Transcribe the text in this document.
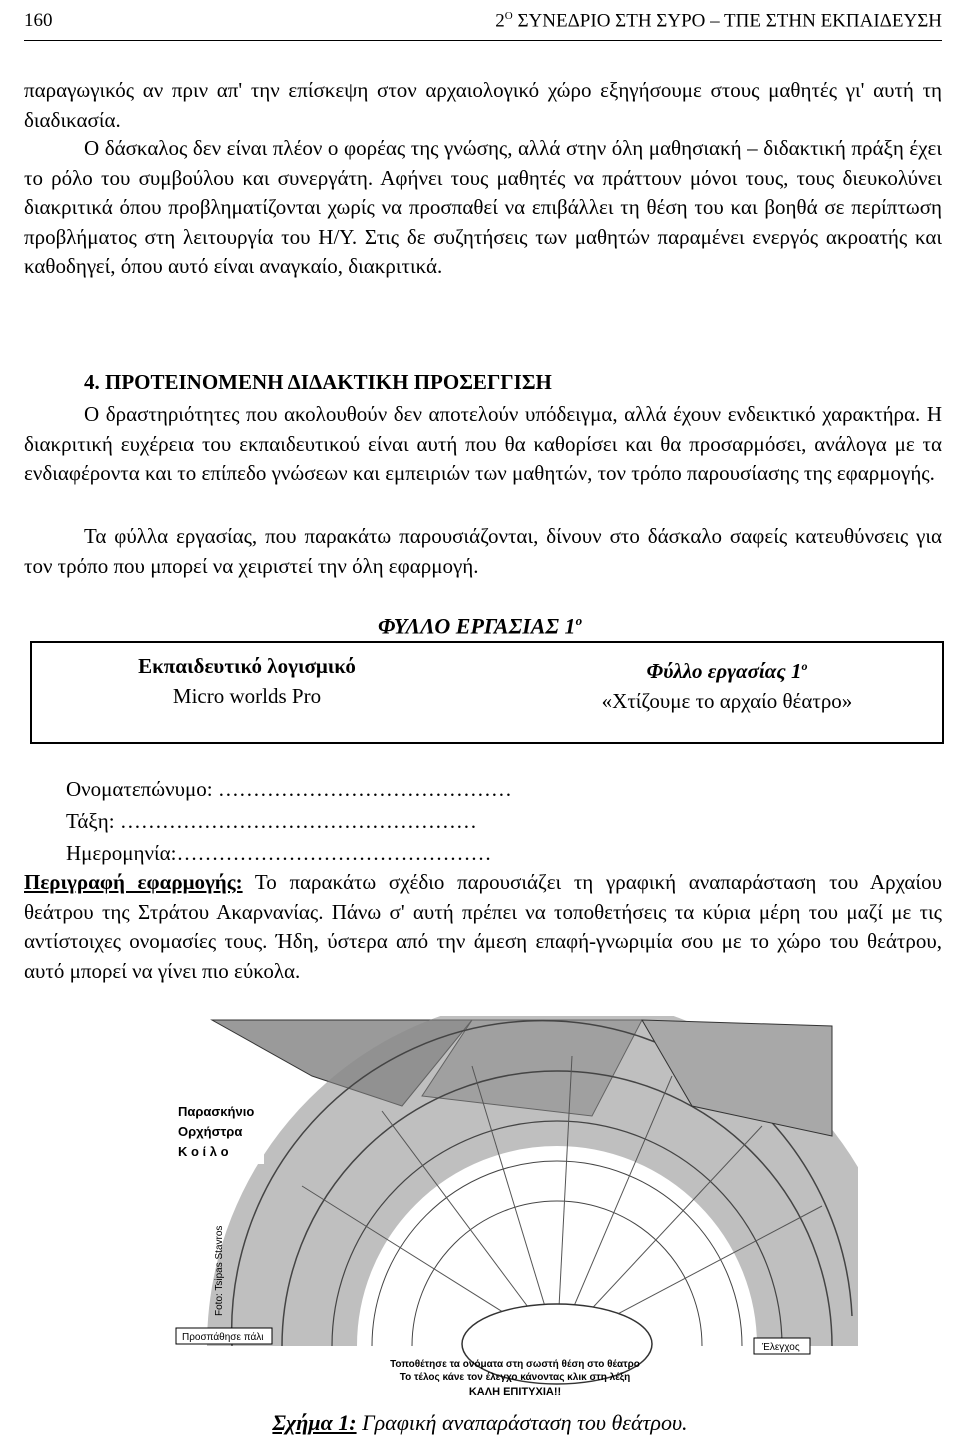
160	$2^O$ ΣΥΝΕΔΡΙΟ ΣΤΗ ΣΥΡΟ – ΤΠΕ ΣΤΗΝ ΕΚΠΑΙΔΕΥΣΗ
παραγωγικός αν πριν απ' την επίσκεψη στον αρχαιολογικό χώρο εξηγήσουμε στους μαθητές γι' αυτή τη διαδικασία.
Ο δάσκαλος δεν είναι πλέον ο φορέας της γνώσης, αλλά στην όλη μαθησιακή – διδακτική πράξη έχει το ρόλο του συμβούλου και συνεργάτη. Αφήνει τους μαθητές να πράττουν μόνοι τους, τους διευκολύνει διακριτικά όπου προβληματίζονται χωρίς να προσπαθεί να επιβάλλει τη θέση του και βοηθά σε περίπτωση προβλήματος στη λειτουργία του Η/Υ. Στις δε συζητήσεις των μαθητών παραμένει ενεργός ακροατής και καθοδηγεί, όπου αυτό είναι αναγκαίο, διακριτικά.
4. ΠΡΟΤΕΙΝΟΜΕΝΗ ΔΙΔΑΚΤΙΚΗ ΠΡΟΣΕΓΓΙΣΗ
Ο δραστηριότητες που ακολουθούν δεν αποτελούν υπόδειγμα, αλλά έχουν ενδεικτικό χαρακτήρα. Η διακριτική ευχέρεια του εκπαιδευτικού είναι αυτή που θα καθορίσει και θα προσαρμόσει, ανάλογα με τα ενδιαφέροντα και το επίπεδο γνώσεων και εμπειριών των μαθητών, τον τρόπο παρουσίασης της εφαρμογής.
Τα φύλλα εργασίας, που παρακάτω παρουσιάζονται, δίνουν στο δάσκαλο σαφείς κατευθύνσεις για τον τρόπο που μπορεί να χειριστεί την όλη εφαρμογή.
ΦΥΛΛΟ ΕΡΓΑΣΙΑΣ $1^o$
Εκπαιδευτικό λογισμικό
Micro worlds Pro
Φύλλο εργασίας $1^o$
«Χτίζουμε το αρχαίο θέατρο»
Ονοματεπώνυμο: ……………………………………
Τάξη: ……………………………………………
Ημερομηνία:………………………………………
Περιγραφή εφαρμογής: Το παρακάτω σχέδιο παρουσιάζει τη γραφική αναπαράσταση του Αρχαίου θεάτρου της Στράτου Ακαρνανίας. Πάνω σ' αυτή πρέπει να τοποθετήσεις τα κύρια μέρη του μαζί με τις αντίστοιχες ονομασίες τους. Ήδη, ύστερα από την άμεση επαφή-γνωριμία σου με το χώρο του θεάτρου, αυτό μπορεί να γίνει πιο εύκολα.
Παρασκήνιο
Ορχήστρα
Κ ο ί λ ο
Foto: Tsipas Stavros
Προσπάθησε πάλι
Έλεγχος
Τοποθέτησε τα ονόματα στη σωστή θέση στο θέατρο
Το τέλος κάνε τον έλεγχο κάνοντας κλικ στη λέξη
ΚΑΛΗ ΕΠΙΤΥΧΙΑ!!
Σχήμα 1: Γραφική αναπαράσταση του θεάτρου.
